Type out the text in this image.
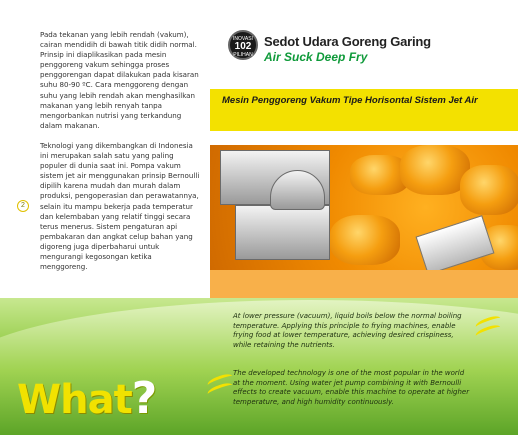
Pada tekanan yang lebih rendah (vakum), cairan mendidih di bawah titik didih normal. Prinsip ini diaplikasikan pada mesin penggoreng vakum sehingga proses penggorengan dapat dilakukan pada kisaran suhu 80-90 ºC. Cara menggoreng dengan suhu yang lebih rendah akan menghasilkan makanan yang lebih renyah tanpa mengorbankan nutrisi yang terkandung dalam makanan.

Teknologi yang dikembangkan di Indonesia ini merupakan salah satu yang paling populer di dunia saat ini. Pompa vakum sistem jet air menggunakan prinsip Bernoulli dipilih karena mudah dan murah dalam produksi, pengoperasian dan perawatannya, selain itu mampu bekerja pada temperatur dan kelembaban yang relatif tinggi secara terus menerus. Sistem pengaturan api pembakaran dan angkat celup bahan yang digoreng juga diperbaharui untuk mengurangi kegosongan ketika menggoreng.

2
INOVASI
102
PILIHAN
Sedot Udara Goreng Garing
Air Suck Deep Fry
Mesin Penggoreng Vakum Tipe Horisontal Sistem Jet Air
At lower pressure (vacuum), liquid boils below the normal boiling temperature. Applying this principle to frying machines, enable frying food at lower temperature, achieving desired crispiness, while retaining the nutrients.
The developed technology is one of the most popular in the world at the moment. Using water jet pump combining it with Bernoulli effects to create vacuum, enable this machine to operate at higher temperature, and high humidity continuously.
What?
